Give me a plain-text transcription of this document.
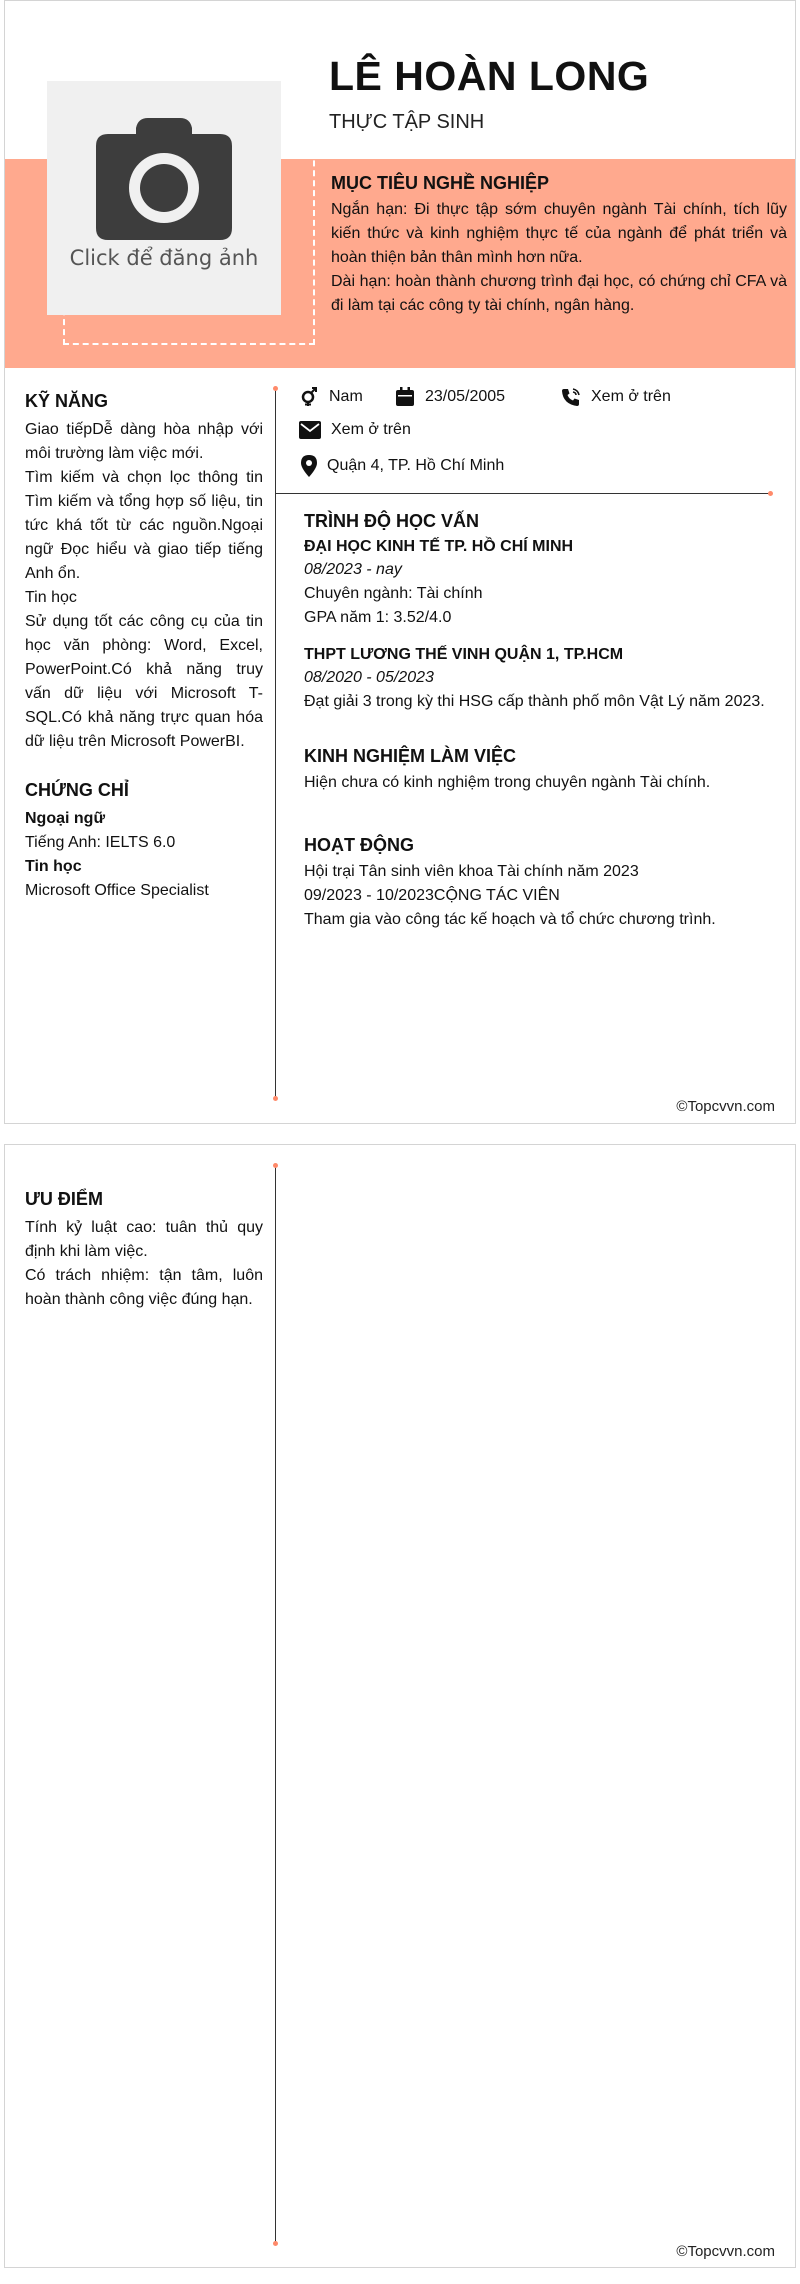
Click để đăng ảnh
LÊ HOÀN LONG
THỰC TẬP SINH
MỤC TIÊU NGHỀ NGHIỆP

Ngắn hạn: Đi thực tập sớm chuyên ngành Tài chính, tích lũy kiến thức và kinh nghiệm thực tế của ngành để phát triển và hoàn thiện bản thân mình hơn nữa.

Dài hạn: hoàn thành chương trình đại học, có chứng chỉ CFA và đi làm tại các công ty tài chính, ngân hàng.

Nam	23/05/2005	Xem ở trên
Xem ở trên
Quận 4, TP. Hồ Chí Minh
KỸ NĂNG

Giao tiếpDễ dàng hòa nhập với môi trường làm việc mới.

Tìm kiếm và chọn lọc thông tin Tìm kiếm và tổng hợp số liệu, tin tức khá tốt từ các nguồn.Ngoại ngữ Đọc hiểu và giao tiếp tiếng Anh ổn.

Tin học

Sử dụng tốt các công cụ của tin học văn phòng: Word, Excel, PowerPoint.Có khả năng truy vấn dữ liệu với Microsoft T-SQL.Có khả năng trực quan hóa dữ liệu trên Microsoft PowerBI.

CHỨNG CHỈ

Ngoại ngữ

Tiếng Anh: IELTS 6.0

Tin học

Microsoft Office Specialist

TRÌNH ĐỘ HỌC VẤN
ĐẠI HỌC KINH TẾ TP. HỒ CHÍ MINH

08/2023 - nay

Chuyên ngành: Tài chính

GPA năm 1: 3.52/4.0

THPT LƯƠNG THẾ VINH QUẬN 1, TP.HCM

08/2020 - 05/2023

Đạt giải 3 trong kỳ thi HSG cấp thành phố môn Vật Lý năm 2023.

KINH NGHIỆM LÀM VIỆC

Hiện chưa có kinh nghiệm trong chuyên ngành Tài chính.

HOẠT ĐỘNG

Hội trại Tân sinh viên khoa Tài chính năm 2023

09/2023 - 10/2023CỘNG TÁC VIÊN

Tham gia vào công tác kế hoạch và tổ chức chương trình.

©Topcvvn.com
ƯU ĐIỂM

Tính kỷ luật cao: tuân thủ quy định khi làm việc.

Có trách nhiệm: tận tâm, luôn hoàn thành công việc đúng hạn.

©Topcvvn.com
